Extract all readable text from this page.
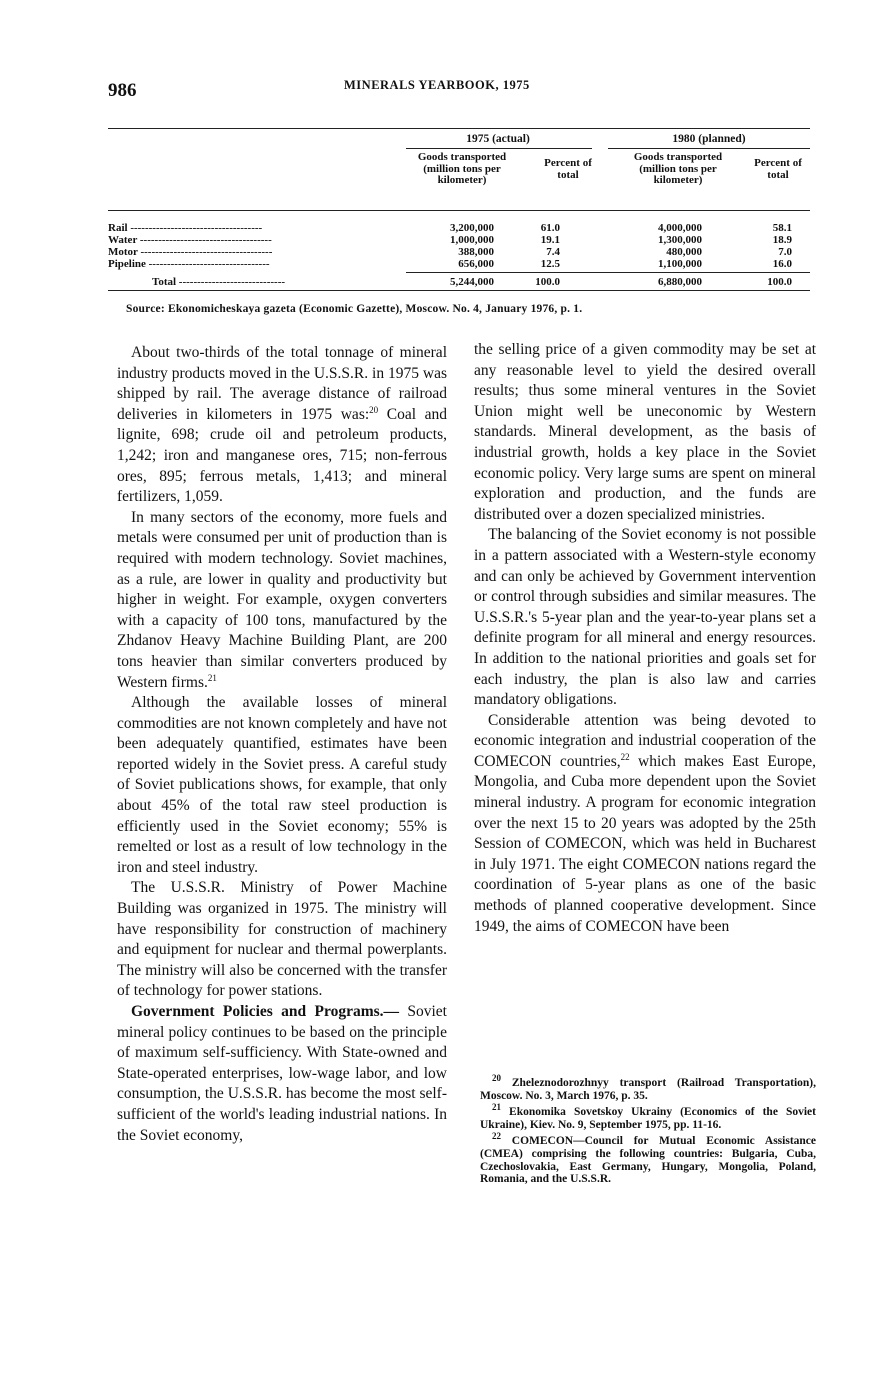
986	MINERALS YEARBOOK, 1975
1975 (actual)	1980 (planned)
Goods transported (million tons per kilometer)
Percent of total
Goods transported (million tons per kilometer)
Percent of total
Rail ------------------------------------	3,200,000	61.0	4,000,000	58.1
Water ------------------------------------	1,000,000	19.1	1,300,000	18.9
Motor ------------------------------------	388,000	7.4	480,000	7.0
Pipeline ---------------------------------	656,000	12.5	1,100,000	16.0
Total -----------------------------	5,244,000	100.0	6,880,000	100.0
Source: Ekonomicheskaya gazeta (Economic Gazette), Moscow. No. 4, January 1976, p. 1.

About two-thirds of the total tonnage of mineral industry products moved in the U.S.S.R. in 1975 was shipped by rail. The average distance of railroad deliveries in kilometers in 1975 was:$^{20}$ Coal and lignite, 698; crude oil and petroleum products, 1,242; iron and manganese ores, 715; non-ferrous ores, 895; ferrous metals, 1,413; and mineral fertilizers, 1,059.

In many sectors of the economy, more fuels and metals were consumed per unit of production than is required with modern technology. Soviet machines, as a rule, are lower in quality and productivity but higher in weight. For example, oxygen converters with a capacity of 100 tons, manufactured by the Zhdanov Heavy Machine Building Plant, are 200 tons heavier than similar converters produced by Western firms.$^{21}$

Although the available losses of mineral commodities are not known completely and have not been adequately quantified, estimates have been reported widely in the Soviet press. A careful study of Soviet publications shows, for example, that only about 45% of the total raw steel production is efficiently used in the Soviet economy; 55% is remelted or lost as a result of low technology in the iron and steel industry.

The U.S.S.R. Ministry of Power Machine Building was organized in 1975. The ministry will have responsibility for construction of machinery and equipment for nuclear and thermal powerplants. The ministry will also be concerned with the transfer of technology for power stations.

Government Policies and Programs.— Soviet mineral policy continues to be based on the principle of maximum self-sufficiency. With State-owned and State-operated enterprises, low-wage labor, and low consumption, the U.S.S.R. has become the most self-sufficient of the world's leading industrial nations. In the Soviet economy,

the selling price of a given commodity may be set at any reasonable level to yield the desired overall results; thus some mineral ventures in the Soviet Union might well be uneconomic by Western standards. Mineral development, as the basis of industrial growth, holds a key place in the Soviet economic policy. Very large sums are spent on mineral exploration and production, and the funds are distributed over a dozen specialized ministries.

The balancing of the Soviet economy is not possible in a pattern associated with a Western-style economy and can only be achieved by Government intervention or control through subsidies and similar measures. The U.S.S.R.'s 5-year plan and the year-to-year plans set a definite program for all mineral and energy resources. In addition to the national priorities and goals set for each industry, the plan is also law and carries mandatory obligations.

Considerable attention was being devoted to economic integration and industrial cooperation of the COMECON countries,$^{22}$ which makes East Europe, Mongolia, and Cuba more dependent upon the Soviet mineral industry. A program for economic integration over the next 15 to 20 years was adopted by the 25th Session of COMECON, which was held in Bucharest in July 1971. The eight COMECON nations regard the coordination of 5-year plans as one of the basic methods of planned cooperative development. Since 1949, the aims of COMECON have been

$^{20}$ Zheleznodorozhnyy transport (Railroad Transportation), Moscow. No. 3, March 1976, p. 35.

$^{21}$ Ekonomika Sovetskoy Ukrainy (Economics of the Soviet Ukraine), Kiev. No. 9, September 1975, pp. 11-16.

$^{22}$ COMECON—Council for Mutual Economic Assistance (CMEA) comprising the following countries: Bulgaria, Cuba, Czechoslovakia, East Germany, Hungary, Mongolia, Poland, Romania, and the U.S.S.R.
